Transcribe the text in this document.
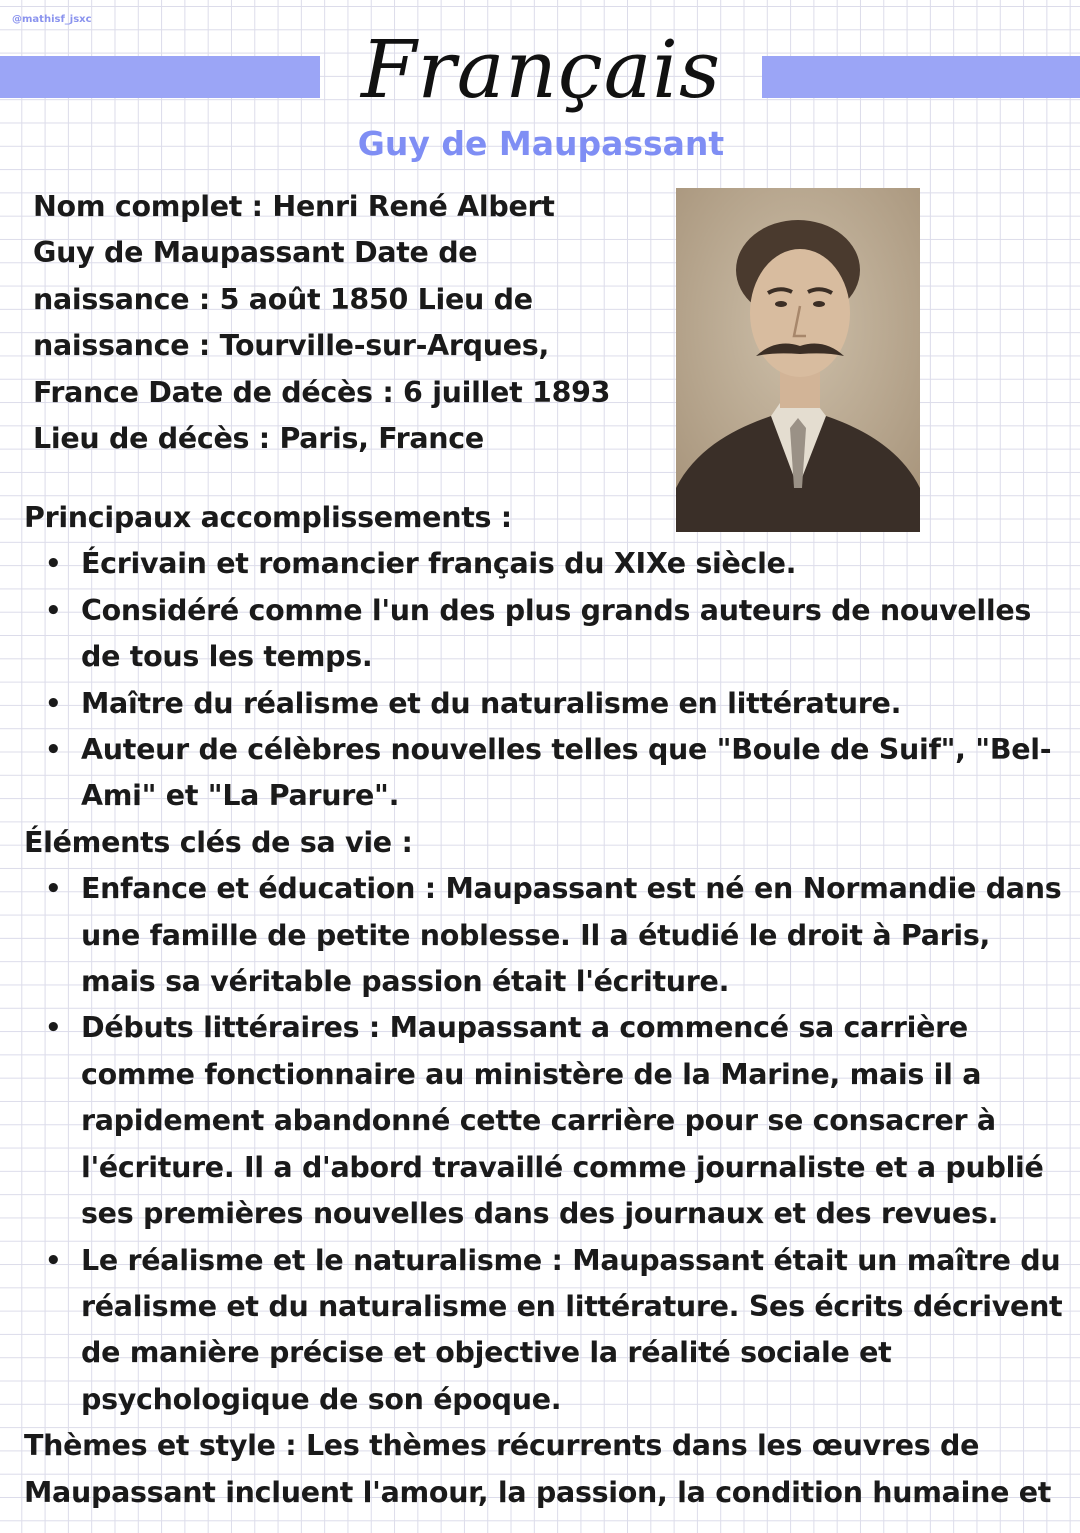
@mathisf_jsxc
Français
Guy de Maupassant
Nom complet : Henri René Albert Guy de Maupassant Date de naissance : 5 août 1850 Lieu de naissance : Tourville-sur-Arques, France Date de décès : 6 juillet 1893 Lieu de décès : Paris, France
Principaux accomplissements :
• Écrivain et romancier français du XIXe siècle.
• Considéré comme l'un des plus grands auteurs de nouvelles de tous les temps.
• Maître du réalisme et du naturalisme en littérature.
• Auteur de célèbres nouvelles telles que "Boule de Suif", "Bel-Ami" et "La Parure".
Éléments clés de sa vie :
• Enfance et éducation : Maupassant est né en Normandie dans une famille de petite noblesse. Il a étudié le droit à Paris, mais sa véritable passion était l'écriture.
• Débuts littéraires : Maupassant a commencé sa carrière comme fonctionnaire au ministère de la Marine, mais il a rapidement abandonné cette carrière pour se consacrer à l'écriture. Il a d'abord travaillé comme journaliste et a publié ses premières nouvelles dans des journaux et des revues.
• Le réalisme et le naturalisme : Maupassant était un maître du réalisme et du naturalisme en littérature. Ses écrits décrivent de manière précise et objective la réalité sociale et psychologique de son époque.

Thèmes et style : Les thèmes récurrents dans les œuvres de Maupassant incluent l'amour, la passion, la condition humaine et
